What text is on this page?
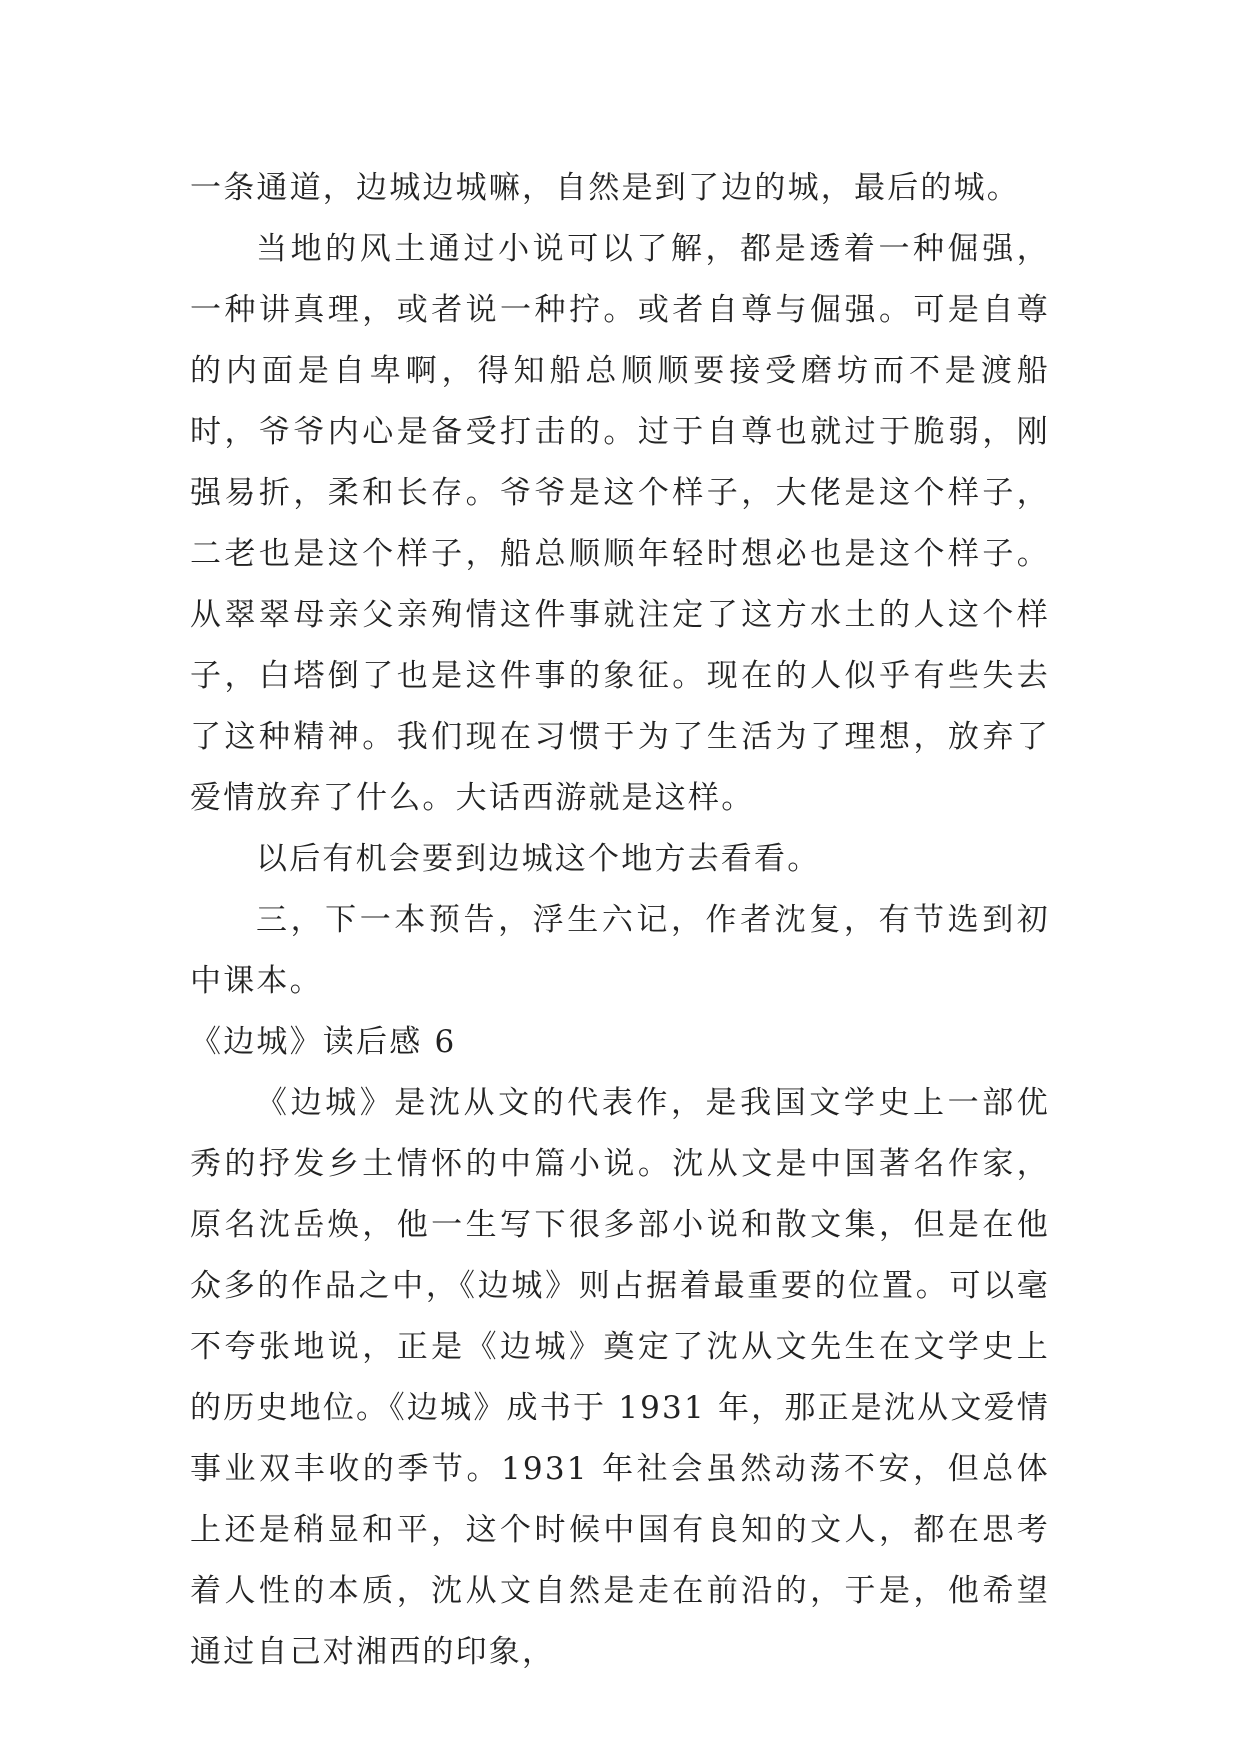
一条通道，边城边城嘛，自然是到了边的城，最后的城。

当地的风土通过小说可以了解，都是透着一种倔强，一种讲真理，或者说一种拧。或者自尊与倔强。可是自尊的内面是自卑啊，得知船总顺顺要接受磨坊而不是渡船时，爷爷内心是备受打击的。过于自尊也就过于脆弱，刚强易折，柔和长存。爷爷是这个样子，大佬是这个样子，二老也是这个样子，船总顺顺年轻时想必也是这个样子。从翠翠母亲父亲殉情这件事就注定了这方水土的人这个样子，白塔倒了也是这件事的象征。现在的人似乎有些失去了这种精神。我们现在习惯于为了生活为了理想，放弃了爱情放弃了什么。大话西游就是这样。

以后有机会要到边城这个地方去看看。

三，下一本预告，浮生六记，作者沈复，有节选到初中课本。

《边城》读后感 6

《边城》是沈从文的代表作，是我国文学史上一部优秀的抒发乡土情怀的中篇小说。沈从文是中国著名作家，原名沈岳焕，他一生写下很多部小说和散文集，但是在他众多的作品之中，《边城》则占据着最重要的位置。可以毫不夸张地说，正是《边城》奠定了沈从文先生在文学史上的历史地位。《边城》成书于 1931 年，那正是沈从文爱情事业双丰收的季节。1931 年社会虽然动荡不安，但总体上还是稍显和平，这个时候中国有良知的文人，都在思考着人性的本质，沈从文自然是走在前沿的，于是，他希望通过自己对湘西的印象，
